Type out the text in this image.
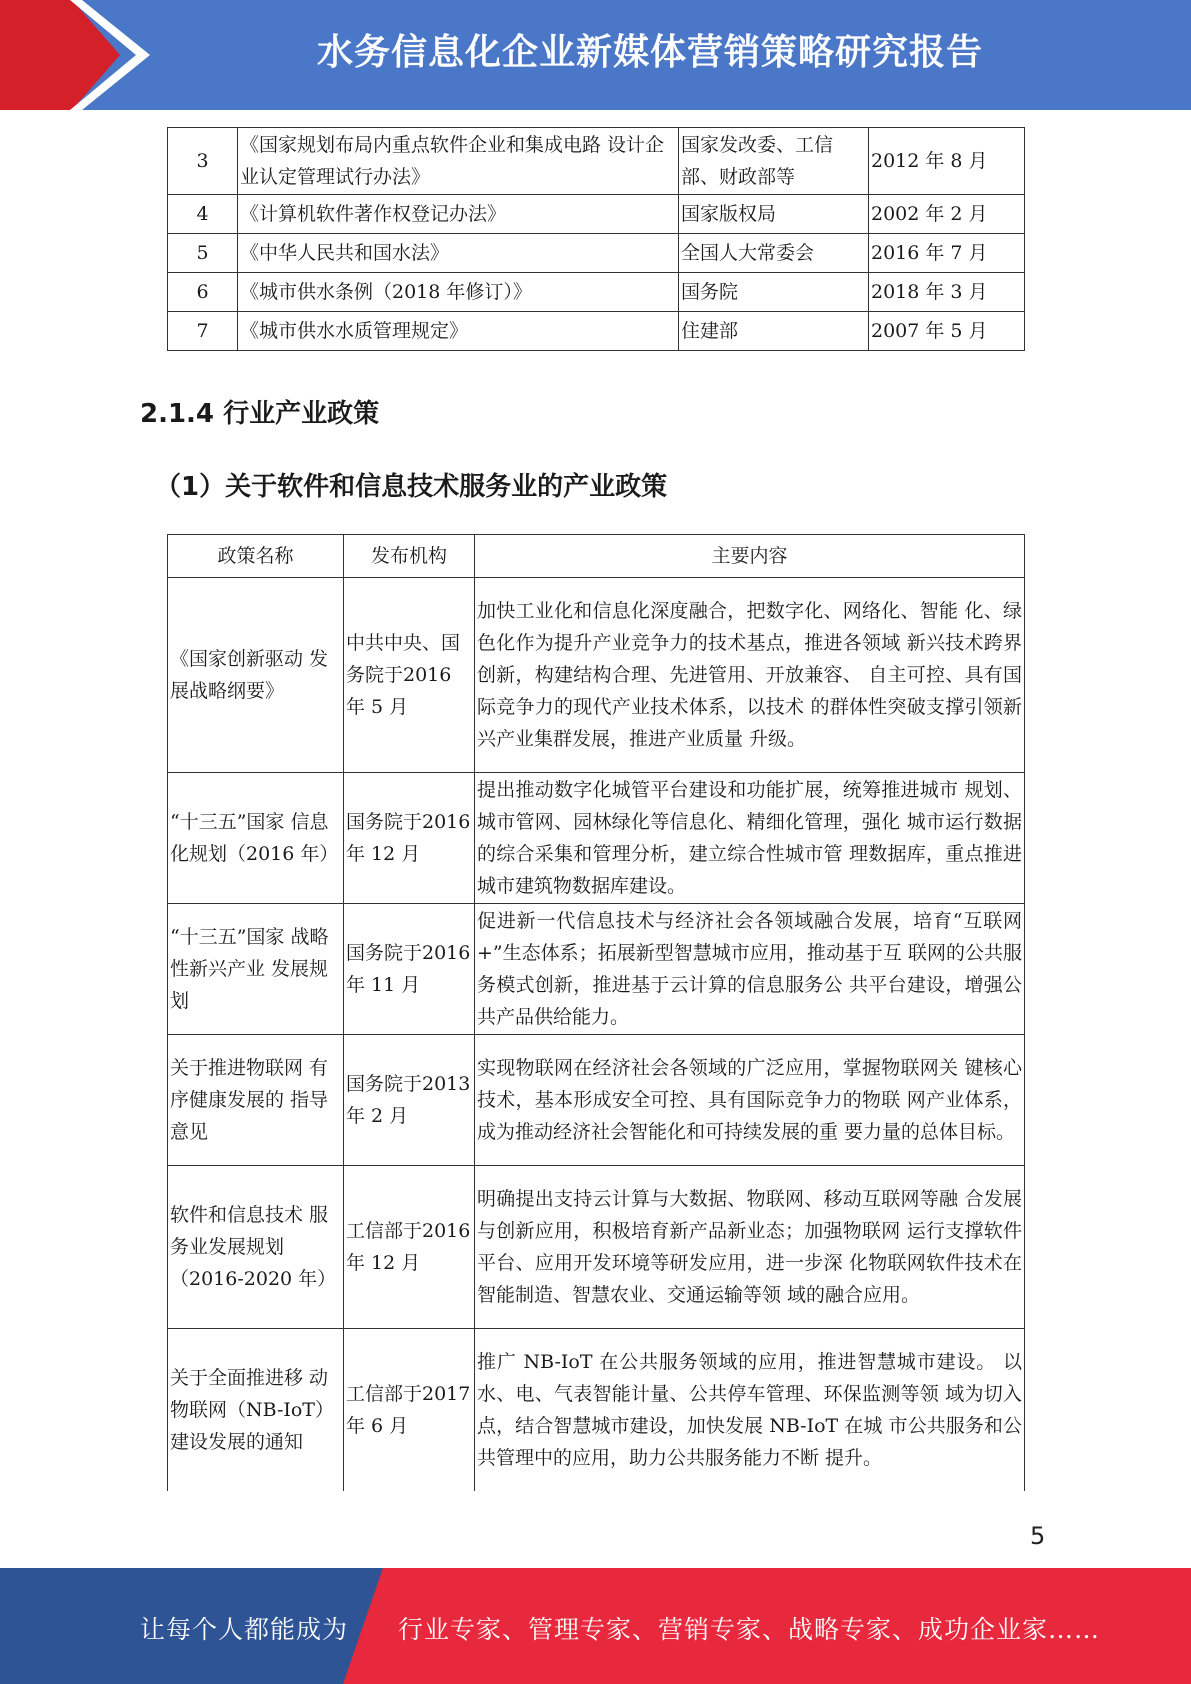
水务信息化企业新媒体营销策略研究报告
3	《国家规划布局内重点软件企业和集成电路 设计企业认定管理试行办法》	国家发改委、工信部、财政部等	2012 年 8 月
4	《计算机软件著作权登记办法》	国家版权局	2002 年 2 月
5	《中华人民共和国水法》	全国人大常委会	2016 年 7 月
6	《城市供水条例（2018 年修订）》	国务院	2018 年 3 月
7	《城市供水水质管理规定》	住建部	2007 年 5 月
2.1.4 行业产业政策
（1）关于软件和信息技术服务业的产业政策
政策名称	发布机构	主要内容
《国家创新驱动 发展战略纲要》	中共中央、国务院于2016 年 5 月	加快工业化和信息化深度融合，把数字化、网络化、智能 化、绿色化作为提升产业竞争力的技术基点，推进各领域 新兴技术跨界创新，构建结构合理、先进管用、开放兼容、 自主可控、具有国际竞争力的现代产业技术体系，以技术 的群体性突破支撑引领新兴产业集群发展，推进产业质量 升级。
“十三五”国家 信息化规划（2016 年）	国务院于2016 年 12 月	提出推动数字化城管平台建设和功能扩展，统筹推进城市 规划、城市管网、园林绿化等信息化、精细化管理，强化 城市运行数据的综合采集和管理分析，建立综合性城市管 理数据库，重点推进城市建筑物数据库建设。
“十三五”国家 战略性新兴产业 发展规划	国务院于2016 年 11 月	促进新一代信息技术与经济社会各领域融合发展，培育“互联网+”生态体系；拓展新型智慧城市应用，推动基于互 联网的公共服务模式创新，推进基于云计算的信息服务公 共平台建设，增强公共产品供给能力。
关于推进物联网 有序健康发展的 指导意见	国务院于2013 年 2 月	实现物联网在经济社会各领域的广泛应用，掌握物联网关 键核心技术，基本形成安全可控、具有国际竞争力的物联 网产业体系，成为推动经济社会智能化和可持续发展的重 要力量的总体目标。
软件和信息技术 服务业发展规划（2016-2020 年）	工信部于2016 年 12 月	明确提出支持云计算与大数据、物联网、移动互联网等融 合发展与创新应用，积极培育新产品新业态；加强物联网 运行支撑软件平台、应用开发环境等研发应用，进一步深 化物联网软件技术在智能制造、智慧农业、交通运输等领 域的融合应用。
关于全面推进移 动物联网（NB-IoT）建设发展的通知	工信部于2017 年 6 月	推广 NB-IoT 在公共服务领域的应用，推进智慧城市建设。 以水、电、气表智能计量、公共停车管理、环保监测等领 域为切入点，结合智慧城市建设，加快发展 NB-IoT 在城 市公共服务和公共管理中的应用，助力公共服务能力不断 提升。
5
让每个人都能成为 行业专家、管理专家、营销专家、战略专家、成功企业家……
